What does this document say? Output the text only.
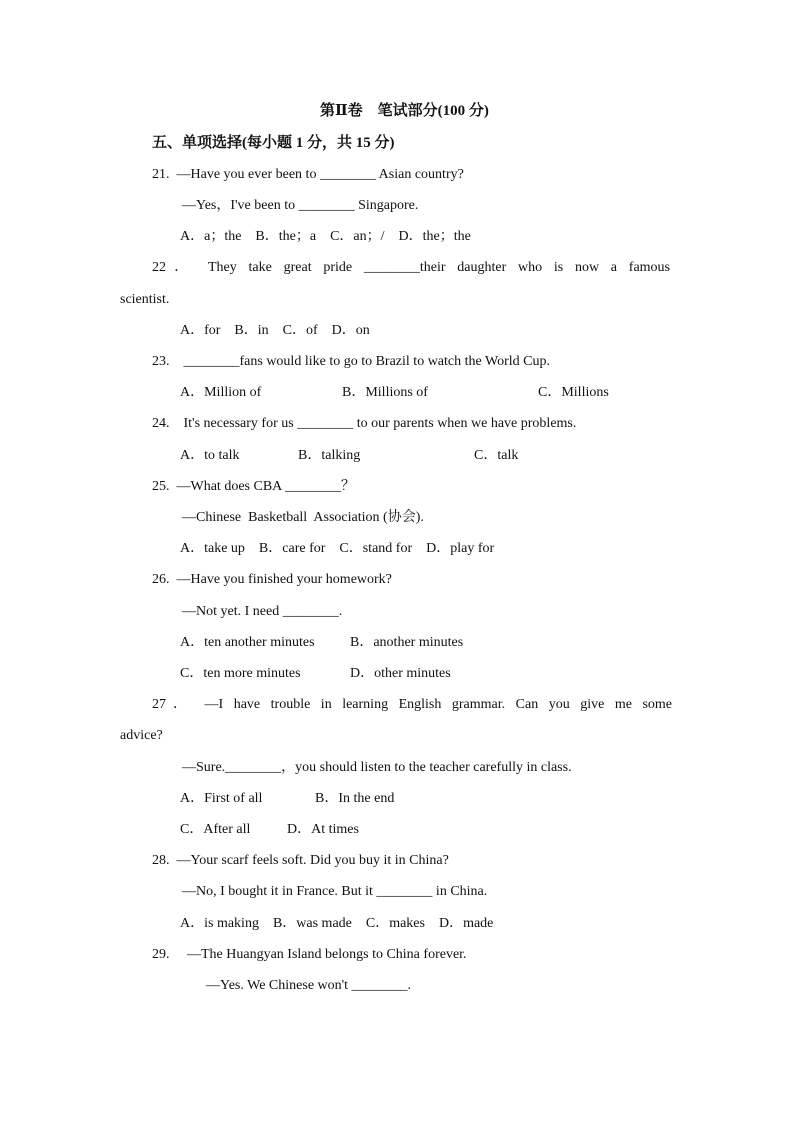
第Ⅱ卷　笔试部分(100 分)
五、单项选择(每小题 1 分，共 15 分)
21.  —Have you ever been to ________ Asian country?
—Yes，I've been to ________ Singapore.
A．a；the    B．the；a    C．an；/    D．the；the
22． They take great pride ________their daughter who is now a famous
scientist.
A．for    B．in    C．of    D．on
23.    ________fans would like to go to Brazil to watch the World Cup.
A．Million of	B．Millions of	C．Millions
24.    It's necessary for us ________ to our parents when we have problems.
A．to talk	B．talking	C．talk
25.  —What does CBA ________？
—Chinese  Basketball  Association (协会).
A．take up    B．care for    C．stand for    D．play for
26.  —Have you finished your homework?
—Not yet. I need ________.
A．ten another minutes	B．another minutes
C．ten more minutes	D．other minutes
27． —I have trouble in learning English grammar. Can you give me some
advice?
—Sure.________，you should listen to the teacher carefully in class.
A．First of all	B．In the end
C．After all	D．At times
28.  —Your scarf feels soft. Did you buy it in China?
—No, I bought it in France. But it ________ in China.
A．is making    B．was made    C．makes    D．made
29.     —The Huangyan Island belongs to China forever.
—Yes. We Chinese won't ________.
